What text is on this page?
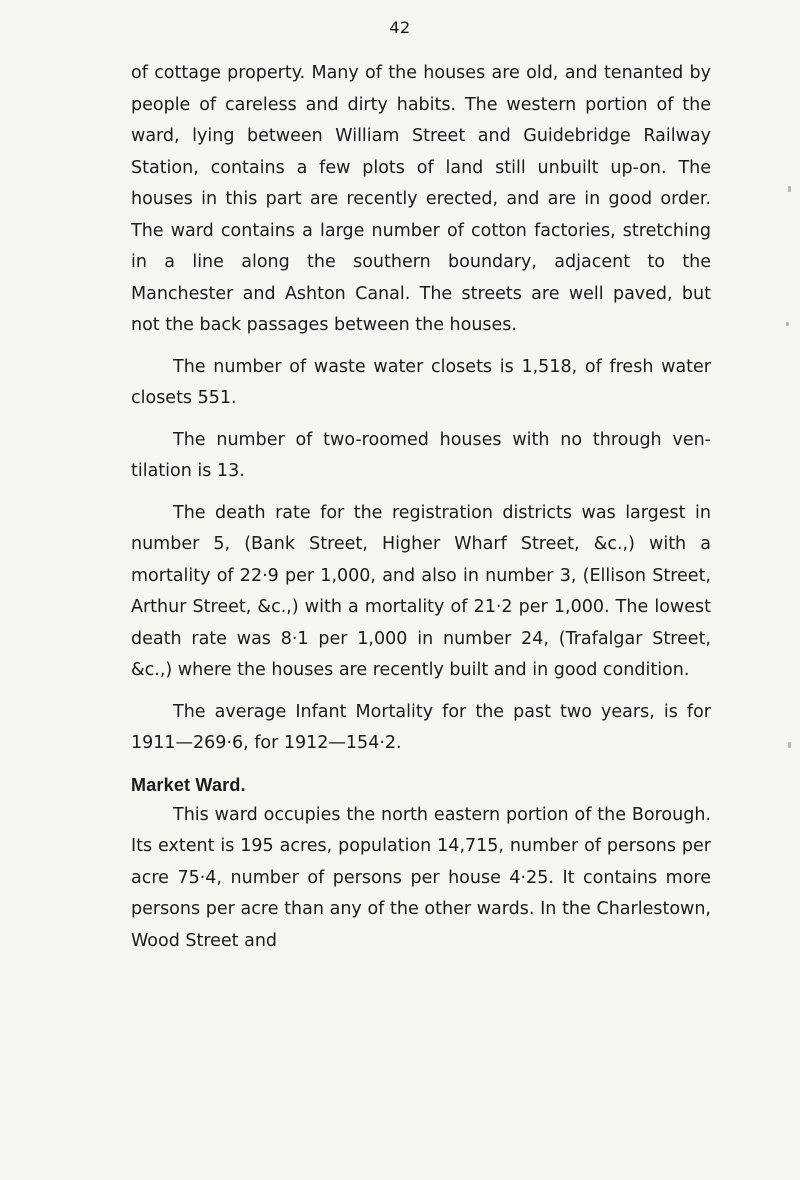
42

of cottage property. Many of the houses are old, and tenanted by people of careless and dirty habits. The western portion of the ward, lying between William Street and Guidebridge Railway Station, contains a few plots of land still unbuilt up-on. The houses in this part are recently erected, and are in good order. The ward contains a large number of cotton factories, stretching in a line along the southern boundary, adjacent to the Manchester and Ashton Canal. The streets are well paved, but not the back passages between the houses.

The number of waste water closets is 1,518, of fresh water closets 551.

The number of two-roomed houses with no through ven-tilation is 13.

The death rate for the registration districts was largest in number 5, (Bank Street, Higher Wharf Street, &c.,) with a mortality of 22·9 per 1,000, and also in number 3, (Ellison Street, Arthur Street, &c.,) with a mortality of 21·2 per 1,000. The lowest death rate was 8·1 per 1,000 in number 24, (Trafalgar Street, &c.,) where the houses are recently built and in good condition.

The average Infant Mortality for the past two years, is for 1911—269·6, for 1912—154·2.

Market Ward.

This ward occupies the north eastern portion of the Borough. Its extent is 195 acres, population 14,715, number of persons per acre 75·4, number of persons per house 4·25. It contains more persons per acre than any of the other wards. In the Charlestown, Wood Street and
